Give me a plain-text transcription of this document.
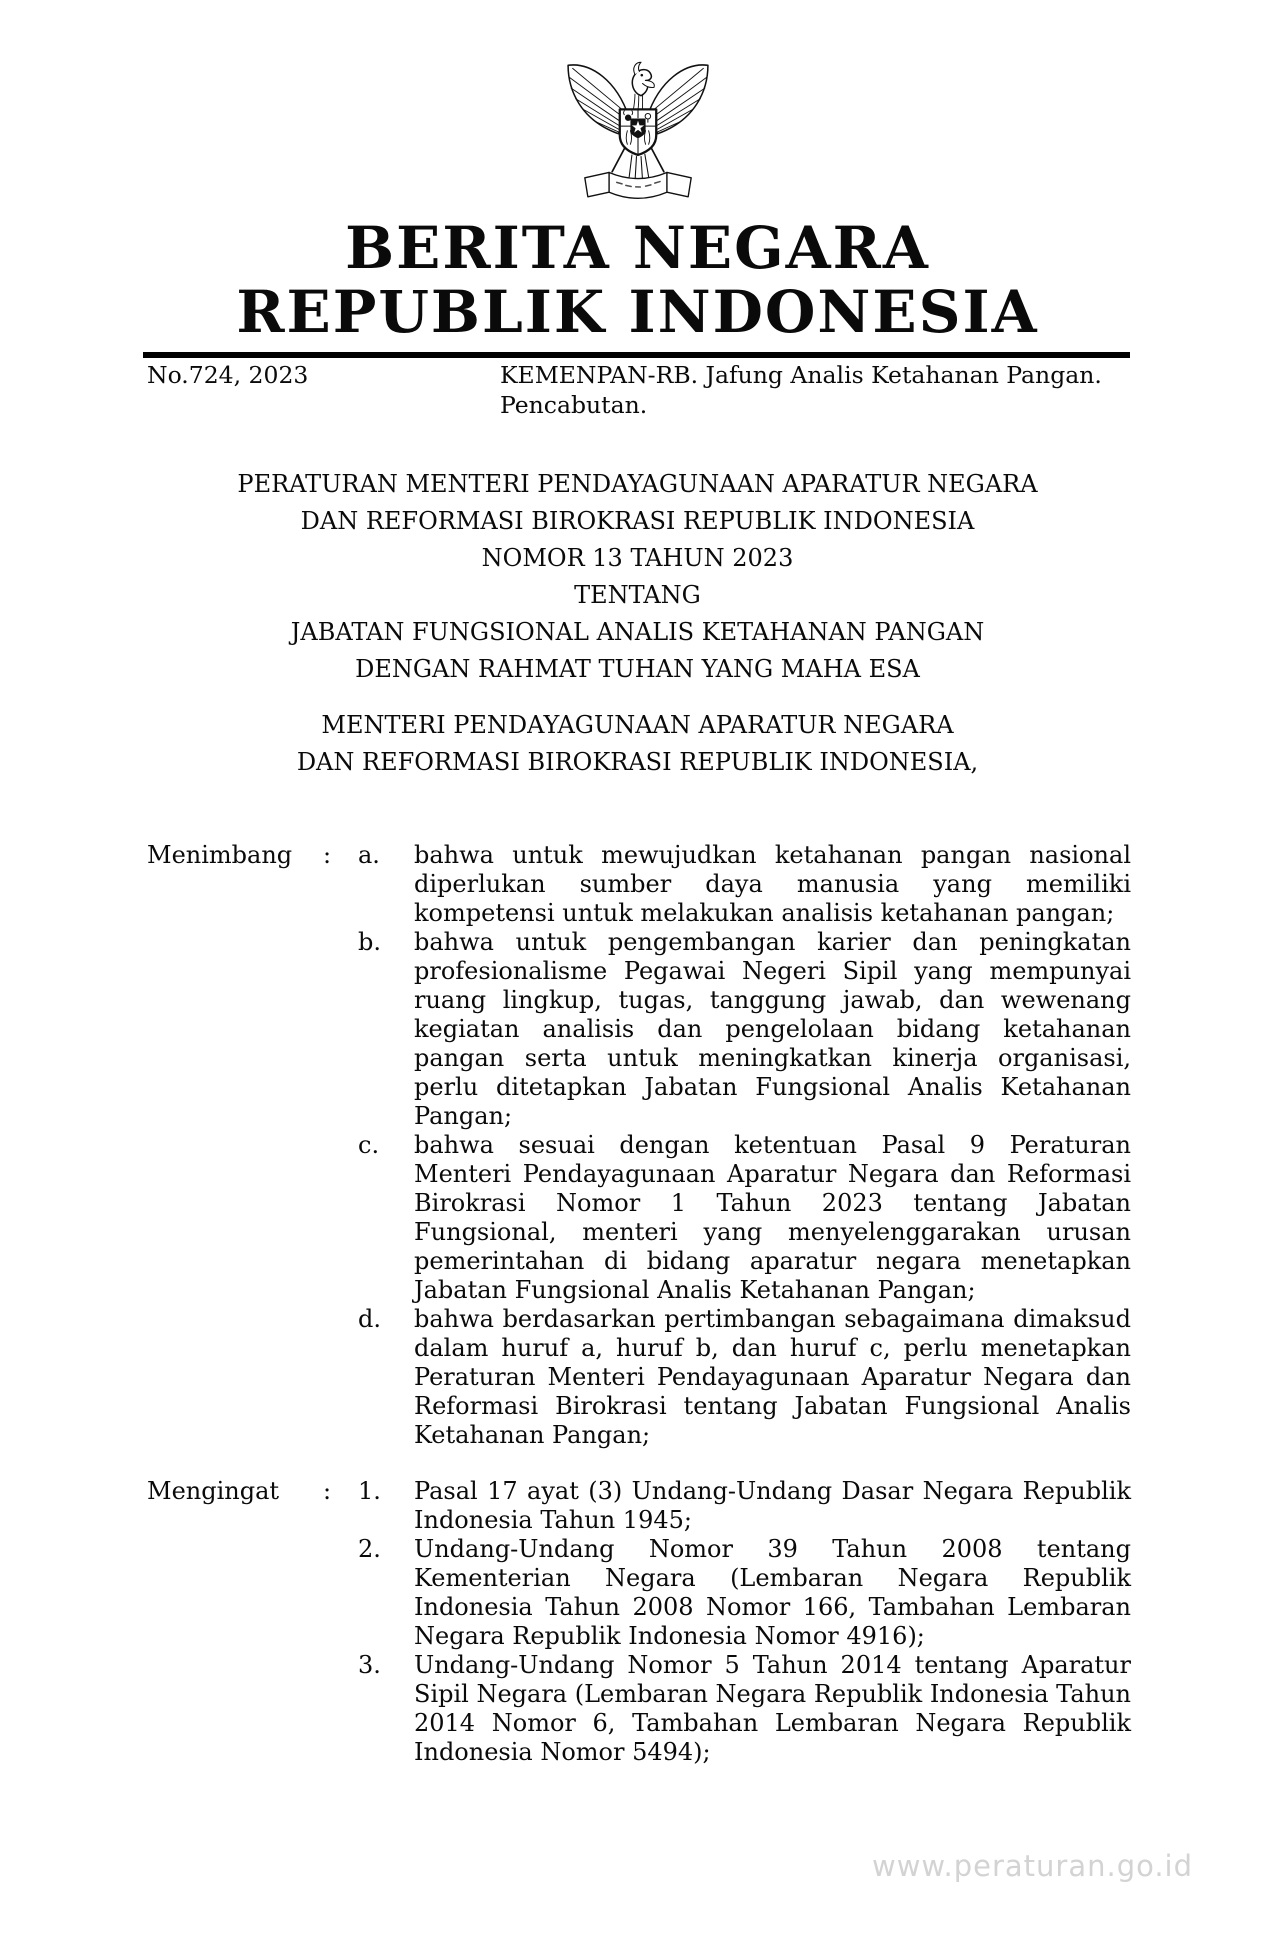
BERITA NEGARA
REPUBLIK INDONESIA
No.724, 2023	KEMENPAN-RB. Jafung Analis Ketahanan Pangan.
Pencabutan.
PERATURAN MENTERI PENDAYAGUNAAN APARATUR NEGARA
DAN REFORMASI BIROKRASI REPUBLIK INDONESIA
NOMOR 13 TAHUN 2023
TENTANG
JABATAN FUNGSIONAL ANALIS KETAHANAN PANGAN
DENGAN RAHMAT TUHAN YANG MAHA ESA
MENTERI PENDAYAGUNAAN APARATUR NEGARA
DAN REFORMASI BIROKRASI REPUBLIK INDONESIA,
Menimbang : a.	bahwa untuk mewujudkan ketahanan pangan nasional diperlukan sumber daya manusia yang memiliki kompetensi untuk melakukan analisis ketahanan pangan;
b.	bahwa untuk pengembangan karier dan peningkatan profesionalisme Pegawai Negeri Sipil yang mempunyai ruang lingkup, tugas, tanggung jawab, dan wewenang kegiatan analisis dan pengelolaan bidang ketahanan pangan serta untuk meningkatkan kinerja organisasi, perlu ditetapkan Jabatan Fungsional Analis Ketahanan Pangan;
c.	bahwa sesuai dengan ketentuan Pasal 9 Peraturan Menteri Pendayagunaan Aparatur Negara dan Reformasi Birokrasi Nomor 1 Tahun 2023 tentang Jabatan Fungsional, menteri yang menyelenggarakan urusan pemerintahan di bidang aparatur negara menetapkan Jabatan Fungsional Analis Ketahanan Pangan;
d.	bahwa berdasarkan pertimbangan sebagaimana dimaksud dalam huruf a, huruf b, dan huruf c, perlu menetapkan Peraturan Menteri Pendayagunaan Aparatur Negara dan Reformasi Birokrasi tentang Jabatan Fungsional Analis Ketahanan Pangan;
Mengingat : 1.	Pasal 17 ayat (3) Undang-Undang Dasar Negara Republik Indonesia Tahun 1945;
2.	Undang-Undang Nomor 39 Tahun 2008 tentang Kementerian Negara (Lembaran Negara Republik Indonesia Tahun 2008 Nomor 166, Tambahan Lembaran Negara Republik Indonesia Nomor 4916);
3.	Undang-Undang Nomor 5 Tahun 2014 tentang Aparatur Sipil Negara (Lembaran Negara Republik Indonesia Tahun 2014 Nomor 6, Tambahan Lembaran Negara Republik Indonesia Nomor 5494);
www.peraturan.go.id
